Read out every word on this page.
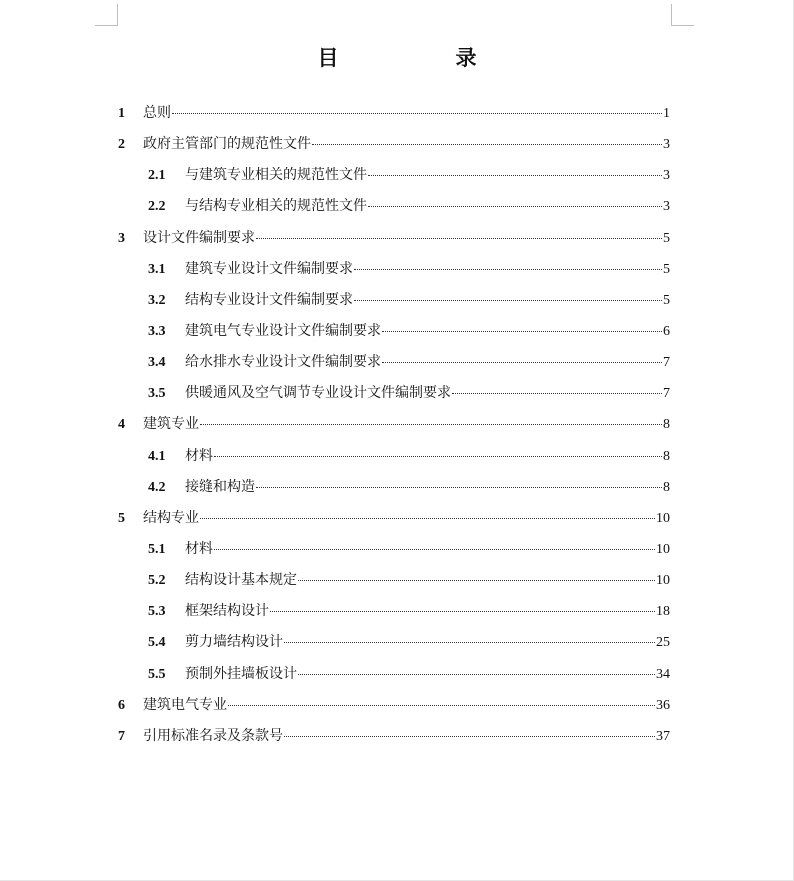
目　录
1	总则	1
2	政府主管部门的规范性文件	3
2.1	与建筑专业相关的规范性文件	3
2.2	与结构专业相关的规范性文件	3
3	设计文件编制要求	5
3.1	建筑专业设计文件编制要求	5
3.2	结构专业设计文件编制要求	5
3.3	建筑电气专业设计文件编制要求	6
3.4	给水排水专业设计文件编制要求	7
3.5	供暖通风及空气调节专业设计文件编制要求	7
4	建筑专业	8
4.1	材料	8
4.2	接缝和构造	8
5	结构专业	10
5.1	材料	10
5.2	结构设计基本规定	10
5.3	框架结构设计	18
5.4	剪力墙结构设计	25
5.5	预制外挂墙板设计	34
6	建筑电气专业	36
7	引用标准名录及条款号	37
